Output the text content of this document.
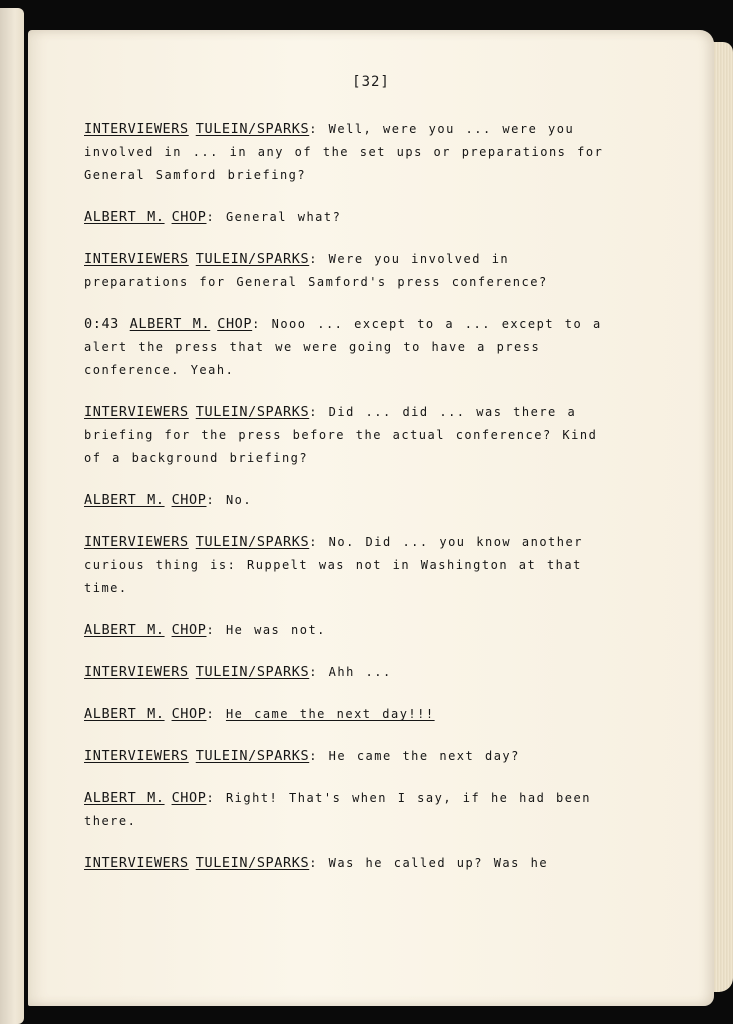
[32]

INTERVIEWERS TULEIN/SPARKS: Well, were you ... were you involved in ... in any of the set ups or preparations for General Samford briefing?

ALBERT M. CHOP: General what?

INTERVIEWERS TULEIN/SPARKS: Were you involved in preparations for General Samford's press conference?

0:43 ALBERT M. CHOP: Nooo ... except to a ... except to a alert the press that we were going to have a press conference. Yeah.

INTERVIEWERS TULEIN/SPARKS: Did ... did ... was there a briefing for the press before the actual conference? Kind of a background briefing?

ALBERT M. CHOP: No.

INTERVIEWERS TULEIN/SPARKS: No. Did ... you know another curious thing is: Ruppelt was not in Washington at that time.

ALBERT M. CHOP: He was not.

INTERVIEWERS TULEIN/SPARKS: Ahh ...

ALBERT M. CHOP: He came the next day!!!

INTERVIEWERS TULEIN/SPARKS: He came the next day?

ALBERT M. CHOP: Right! That's when I say, if he had been there.

INTERVIEWERS TULEIN/SPARKS: Was he called up? Was he
